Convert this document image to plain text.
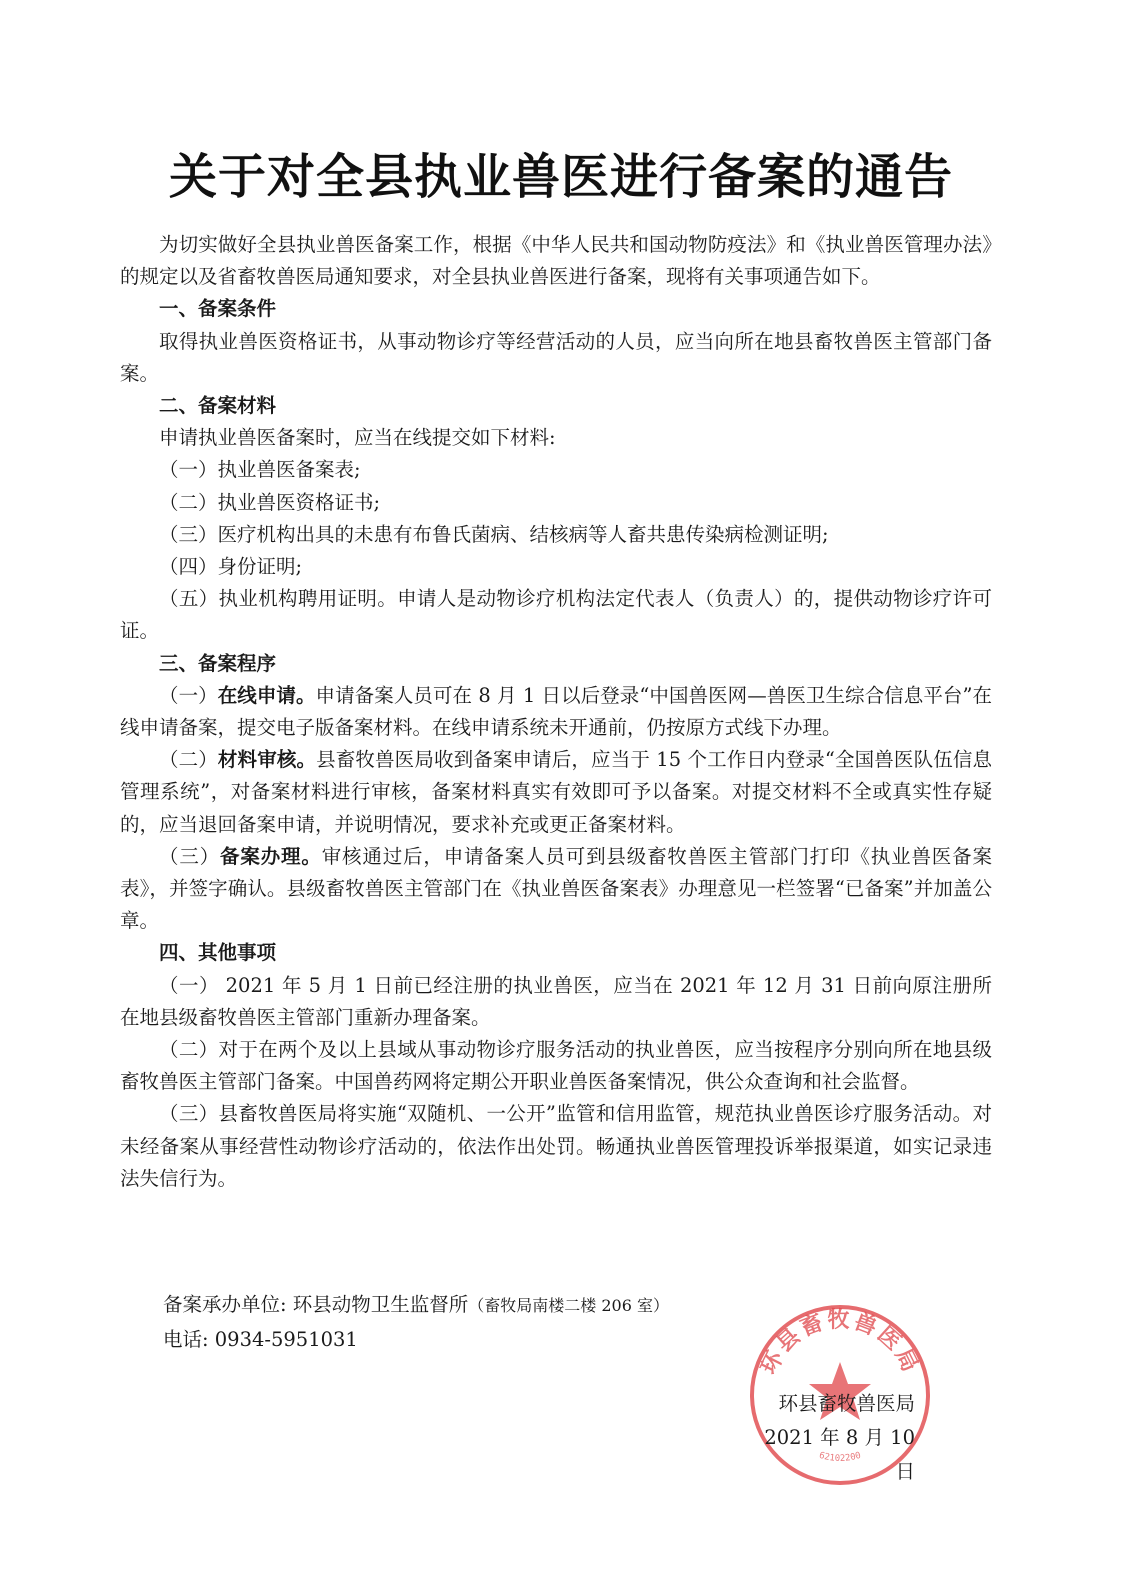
关于对全县执业兽医进行备案的通告

为切实做好全县执业兽医备案工作，根据《中华人民共和国动物防疫法》和《执业兽医管理办法》的规定以及省畜牧兽医局通知要求，对全县执业兽医进行备案，现将有关事项通告如下。

一、备案条件

取得执业兽医资格证书，从事动物诊疗等经营活动的人员，应当向所在地县畜牧兽医主管部门备案。

二、备案材料

申请执业兽医备案时，应当在线提交如下材料:

（一）执业兽医备案表;

（二）执业兽医资格证书;

（三）医疗机构出具的未患有布鲁氏菌病、结核病等人畜共患传染病检测证明;

（四）身份证明;

（五）执业机构聘用证明。申请人是动物诊疗机构法定代表人（负责人）的，提供动物诊疗许可证。

三、备案程序

（一）在线申请。申请备案人员可在 8 月 1 日以后登录“中国兽医网—兽医卫生综合信息平台”在线申请备案，提交电子版备案材料。在线申请系统未开通前，仍按原方式线下办理。

（二）材料审核。县畜牧兽医局收到备案申请后，应当于 15 个工作日内登录“全国兽医队伍信息管理系统”，对备案材料进行审核，备案材料真实有效即可予以备案。对提交材料不全或真实性存疑的，应当退回备案申请，并说明情况，要求补充或更正备案材料。

（三）备案办理。审核通过后，申请备案人员可到县级畜牧兽医主管部门打印《执业兽医备案表》，并签字确认。县级畜牧兽医主管部门在《执业兽医备案表》办理意见一栏签署“已备案”并加盖公章。

四、其他事项

（一） 2021 年 5 月 1 日前已经注册的执业兽医，应当在 2021 年 12 月 31 日前向原注册所在地县级畜牧兽医主管部门重新办理备案。

（二）对于在两个及以上县域从事动物诊疗服务活动的执业兽医，应当按程序分别向所在地县级畜牧兽医主管部门备案。中国兽药网将定期公开职业兽医备案情况，供公众查询和社会监督。

（三）县畜牧兽医局将实施“双随机、一公开”监管和信用监管，规范执业兽医诊疗服务活动。对未经备案从事经营性动物诊疗活动的，依法作出处罚。畅通执业兽医管理投诉举报渠道，如实记录违法失信行为。

备案承办单位: 环县动物卫生监督所（畜牧局南楼二楼 206 室）
电话: 0934-5951031
环县畜牧兽医局
62102200
环县畜牧兽医局
2021 年 8 月 10 日
